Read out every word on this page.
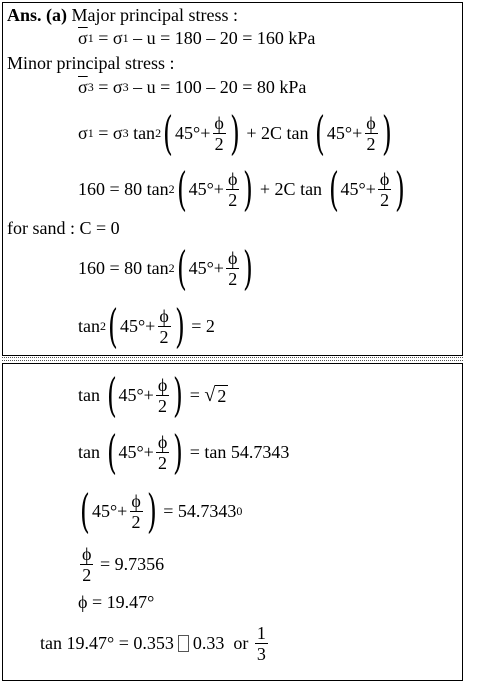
Ans. (a) Major principal stress :
$\overline{\sigma}$ 1 = σ 1 – u = 180 – 20 = 160 kPa
Minor principal stress :
$\overline{\sigma}$ 3 = σ 3 – u = 100 – 20 = 80 kPa
σ 1 = σ 3 tan 2 ( $45^\circ+ \frac{\phi}{2}$ ) + 2C tan ( $45^\circ+ \frac{\phi}{2}$ )
160 = 80 tan 2 ( $45^\circ+ \frac{\phi}{2}$ ) + 2C tan ( $45^\circ+ \frac{\phi}{2}$ )
for sand : C = 0
160 = 80 tan 2 ( $45^\circ+ \frac{\phi}{2}$ )
tan 2 ( $45^\circ+ \frac{\phi}{2}$ ) = 2
tan ( $45^\circ+ \frac{\phi}{2}$ ) = √ 2
tan ( $45^\circ+ \frac{\phi}{2}$ ) = tan 54.7343
( $45^\circ+ \frac{\phi}{2}$ ) = 54.7343 0
$\frac{\phi}{2} = 9.7356$
ϕ = 19.47°
tan 19.47° = 0.353 0.33  or $\frac{1}{3}$
